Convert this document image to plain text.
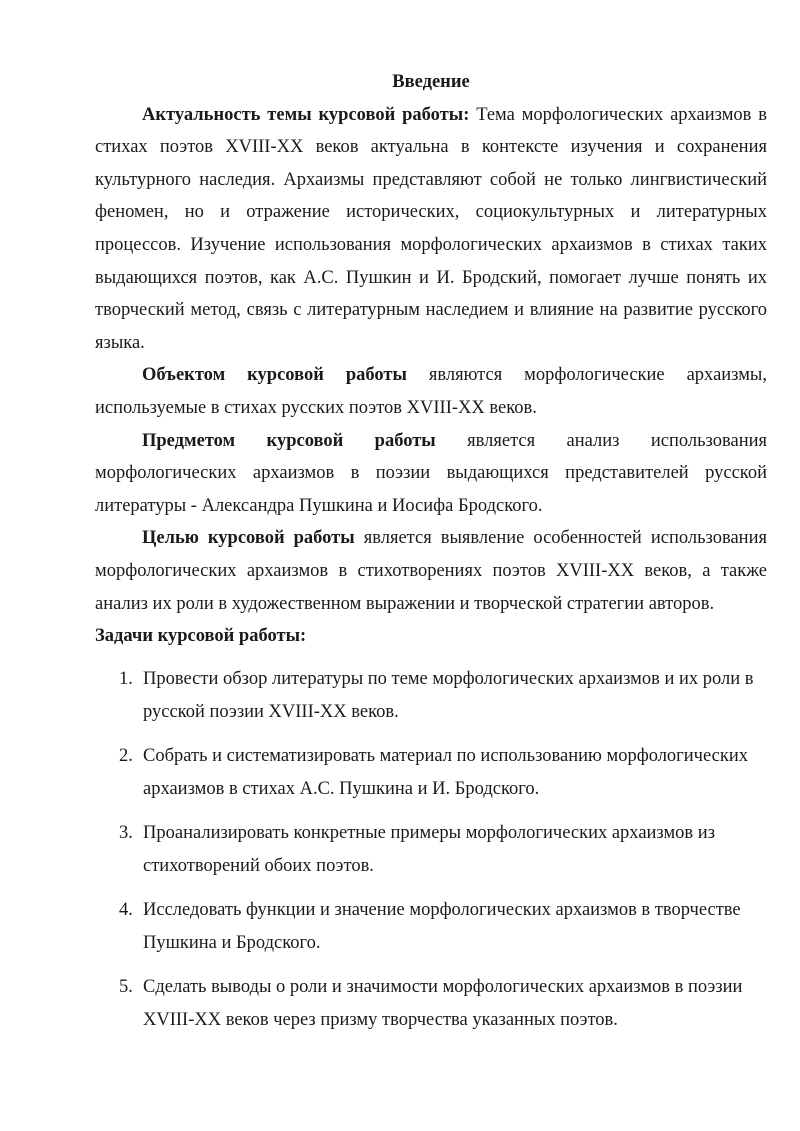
Введение

Актуальность темы курсовой работы: Тема морфологических архаизмов в стихах поэтов XVIII-XX веков актуальна в контексте изучения и сохранения культурного наследия. Архаизмы представляют собой не только лингвистический феномен, но и отражение исторических, социокультурных и литературных процессов. Изучение использования морфологических архаизмов в стихах таких выдающихся поэтов, как А.С. Пушкин и И. Бродский, помогает лучше понять их творческий метод, связь с литературным наследием и влияние на развитие русского языка.

Объектом курсовой работы являются морфологические архаизмы, используемые в стихах русских поэтов XVIII-XX веков.

Предметом курсовой работы является анализ использования морфологических архаизмов в поэзии выдающихся представителей русской литературы - Александра Пушкина и Иосифа Бродского.

Целью курсовой работы является выявление особенностей использования морфологических архаизмов в стихотворениях поэтов XVIII-XX веков, а также анализ их роли в художественном выражении и творческой стратегии авторов.

Задачи курсовой работы:

1. Провести обзор литературы по теме морфологических архаизмов и их роли в русской поэзии XVIII-XX веков.
2. Собрать и систематизировать материал по использованию морфологических архаизмов в стихах А.С. Пушкина и И. Бродского.
3. Проанализировать конкретные примеры морфологических архаизмов из стихотворений обоих поэтов.
4. Исследовать функции и значение морфологических архаизмов в творчестве Пушкина и Бродского.
5. Сделать выводы о роли и значимости морфологических архаизмов в поэзии XVIII-XX веков через призму творчества указанных поэтов.
